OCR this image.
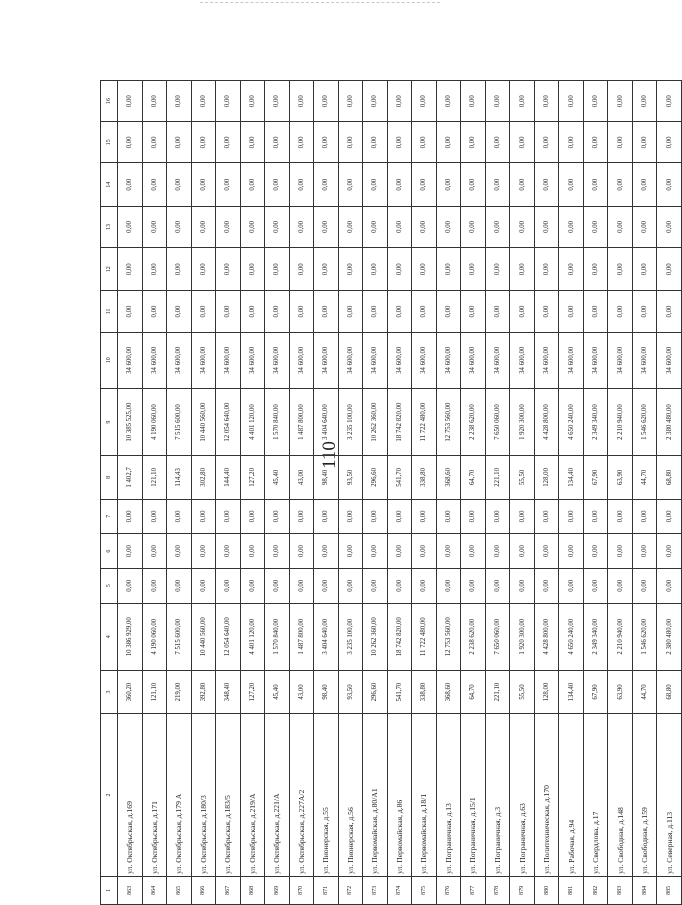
110
1	2	3	4	5	6	7	8	9	10	11	12	13	14	15	16
863	ул. Октябрьская, д.169	360,20	10 386 929,00	0,00	0,00	0,00	1 402,7	10 385 525,00	34 600,00	0,00	0,00	0,00	0,00	0,00	0,00
864	ул. Октябрьская, д.171	121,10	4 190 060,00	0,00	0,00	0,00	121,10	4 190 060,00	34 600,00	0,00	0,00	0,00	0,00	0,00	0,00
865	ул. Октябрьская, д.179 А	219,00	7 515 600,00	0,00	0,00	0,00	114,43	7 515 600,00	34 600,00	0,00	0,00	0,00	0,00	0,00	0,00
866	ул. Октябрьская, д.180/3	392,80	10 440 560,00	0,00	0,00	0,00	302,80	10 440 560,00	34 600,00	0,00	0,00	0,00	0,00	0,00	0,00
867	ул. Октябрьская, д.183/5	348,40	12 054 640,00	0,00	0,00	0,00	144,40	12 054 640,00	34 600,00	0,00	0,00	0,00	0,00	0,00	0,00
868	ул. Октябрьская, д.219/А	127,20	4 401 120,00	0,00	0,00	0,00	127,20	4 401 120,00	34 600,00	0,00	0,00	0,00	0,00	0,00	0,00
869	ул. Октябрьская, д.221/А	45,40	1 570 840,00	0,00	0,00	0,00	45,40	1 570 840,00	34 600,00	0,00	0,00	0,00	0,00	0,00	0,00
870	ул. Октябрьская, д.227А/2	43,00	1 487 800,00	0,00	0,00	0,00	43,00	1 487 800,00	34 600,00	0,00	0,00	0,00	0,00	0,00	0,00
871	ул. Пионерская, д.55	98,40	3 404 640,00	0,00	0,00	0,00	98,40	3 404 640,00	34 600,00	0,00	0,00	0,00	0,00	0,00	0,00
872	ул. Пионерская, д.56	93,50	3 235 100,00	0,00	0,00	0,00	93,50	3 235 100,00	34 600,00	0,00	0,00	0,00	0,00	0,00	0,00
873	ул. Первомайская, д.80/А1	296,60	10 262 360,00	0,00	0,00	0,00	296,60	10 262 360,00	34 600,00	0,00	0,00	0,00	0,00	0,00	0,00
874	ул. Первомайская, д.86	541,70	18 742 820,00	0,00	0,00	0,00	541,70	18 742 820,00	34 600,00	0,00	0,00	0,00	0,00	0,00	0,00
875	ул. Первомайская, д.18/1	338,80	11 722 480,00	0,00	0,00	0,00	338,80	11 722 480,00	34 600,00	0,00	0,00	0,00	0,00	0,00	0,00
876	ул. Пограничная, д.13	368,60	12 753 560,00	0,00	0,00	0,00	368,60	12 753 560,00	34 600,00	0,00	0,00	0,00	0,00	0,00	0,00
877	ул. Пограничная, д.15/1	64,70	2 238 620,00	0,00	0,00	0,00	64,70	2 238 620,00	34 600,00	0,00	0,00	0,00	0,00	0,00	0,00
878	ул. Пограничная, д.3	221,10	7 650 060,00	0,00	0,00	0,00	221,10	7 650 060,00	34 600,00	0,00	0,00	0,00	0,00	0,00	0,00
879	ул. Пограничная, д.63	55,50	1 920 300,00	0,00	0,00	0,00	55,50	1 920 300,00	34 600,00	0,00	0,00	0,00	0,00	0,00	0,00
880	ул. Политехническая, д.170	128,00	4 428 800,00	0,00	0,00	0,00	128,00	4 428 800,00	34 600,00	0,00	0,00	0,00	0,00	0,00	0,00
881	ул. Рабочая, д.94	134,40	4 650 240,00	0,00	0,00	0,00	134,40	4 650 240,00	34 600,00	0,00	0,00	0,00	0,00	0,00	0,00
882	ул. Свердлова, д.17	67,90	2 349 340,00	0,00	0,00	0,00	67,90	2 349 340,00	34 600,00	0,00	0,00	0,00	0,00	0,00	0,00
883	ул. Свободная, д.148	63,90	2 210 940,00	0,00	0,00	0,00	63,90	2 210 940,00	34 600,00	0,00	0,00	0,00	0,00	0,00	0,00
884	ул. Свободная, д.159	44,70	1 546 620,00	0,00	0,00	0,00	44,70	1 546 620,00	34 600,00	0,00	0,00	0,00	0,00	0,00	0,00
885	ул. Северная, д.113	68,80	2 380 480,00	0,00	0,00	0,00	68,80	2 380 480,00	34 600,00	0,00	0,00	0,00	0,00	0,00	0,00
